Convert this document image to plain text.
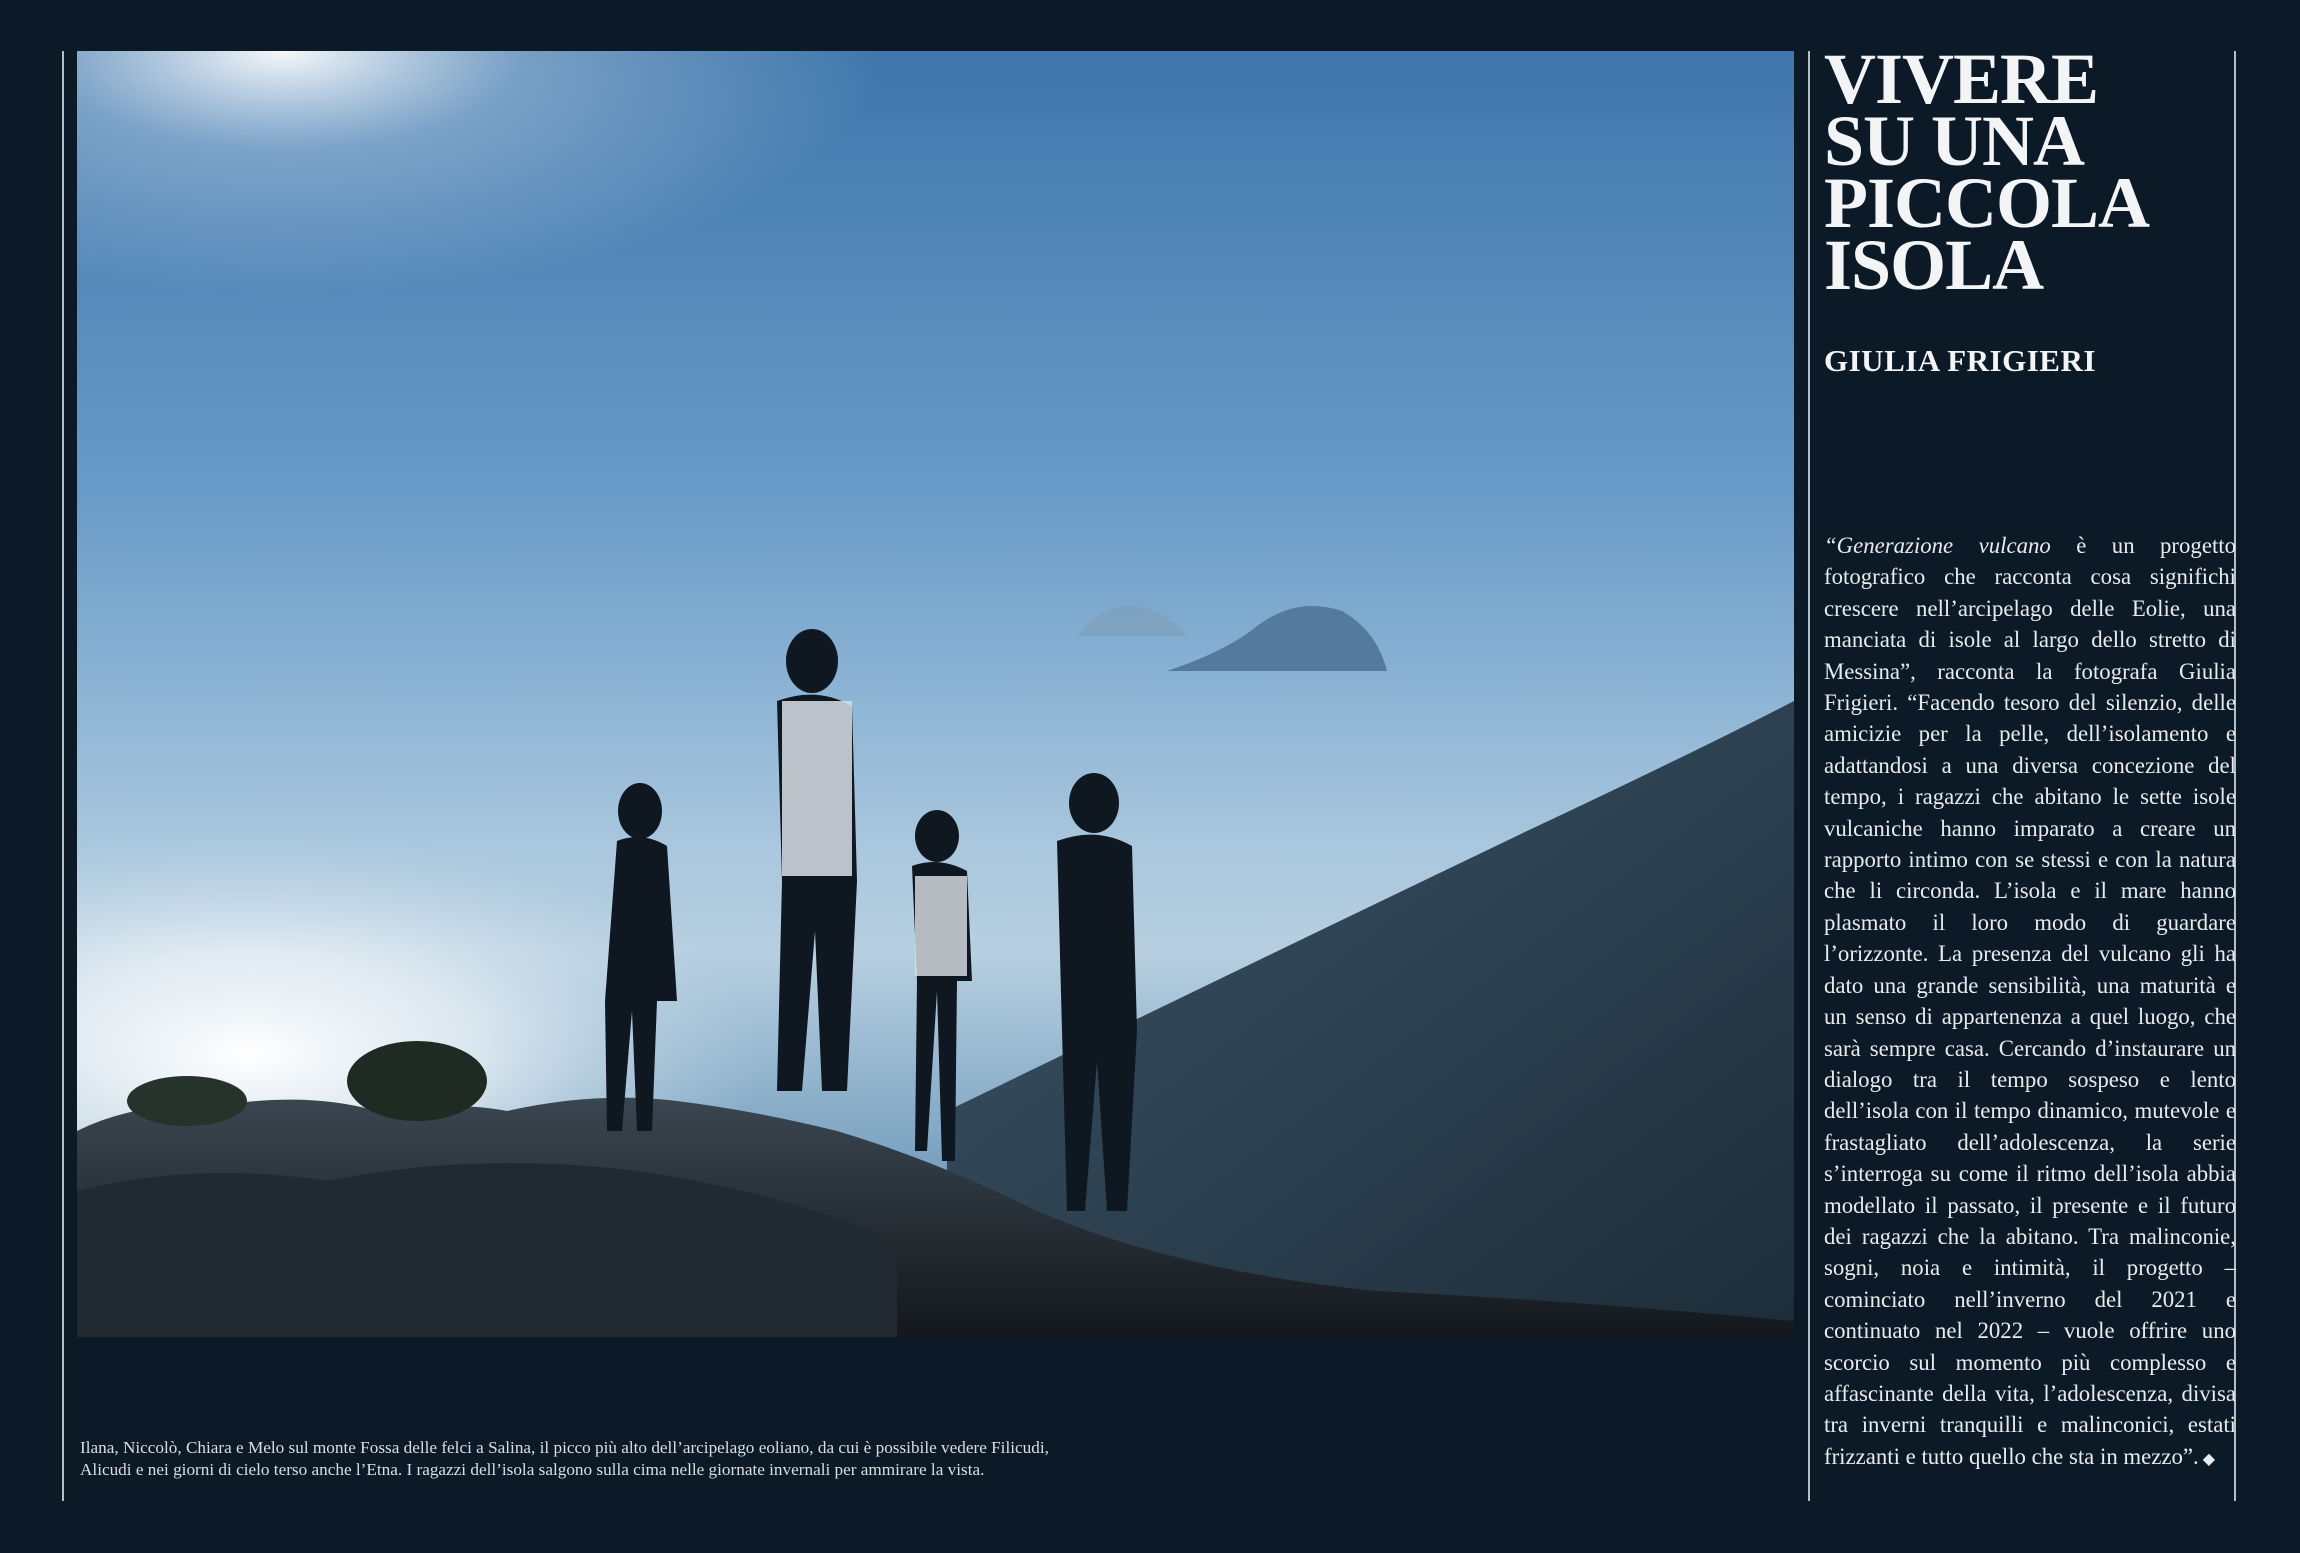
Ilana, Niccolò, Chiara e Melo sul monte Fossa delle felci a Salina, il picco più alto dell’arcipelago eoliano, da cui è possibile vedere Filicudi, Alicudi e nei giorni di cielo terso anche l’Etna. I ragazzi dell’isola salgono sulla cima nelle giornate invernali per ammirare la vista.

VIVERE
SU UNA
PICCOLA
ISOLA
GIULIA FRIGIERI

“Generazione vulcano è un progetto fotografico che racconta cosa significhi crescere nell’arcipelago delle Eolie, una manciata di isole al largo dello stretto di Messina”, racconta la fotografa Giulia Frigieri. “Facendo tesoro del silenzio, delle amicizie per la pelle, dell’isolamento e adattandosi a una diversa concezione del tempo, i ragazzi che abitano le sette isole vulcaniche hanno imparato a creare un rapporto intimo con se stessi e con la natura che li circonda. L’isola e il mare hanno plasmato il loro modo di guardare l’orizzonte. La presenza del vulcano gli ha dato una grande sensibilità, una maturità e un senso di appartenenza a quel luogo, che sarà sempre casa. Cercando d’instaurare un dialogo tra il tempo sospeso e lento dell’isola con il tempo dinamico, mutevole e frastagliato dell’adolescenza, la serie s’interroga su come il ritmo dell’isola abbia modellato il passato, il presente e il futuro dei ragazzi che la abitano. Tra malinconie, sogni, noia e intimità, il progetto – cominciato nell’inverno del 2021 e continuato nel 2022 – vuole offrire uno scorcio sul momento più complesso e affascinante della vita, l’adolescenza, divisa tra inverni tranquilli e malinconici, estati frizzanti e tutto quello che sta in mezzo”. ◆
